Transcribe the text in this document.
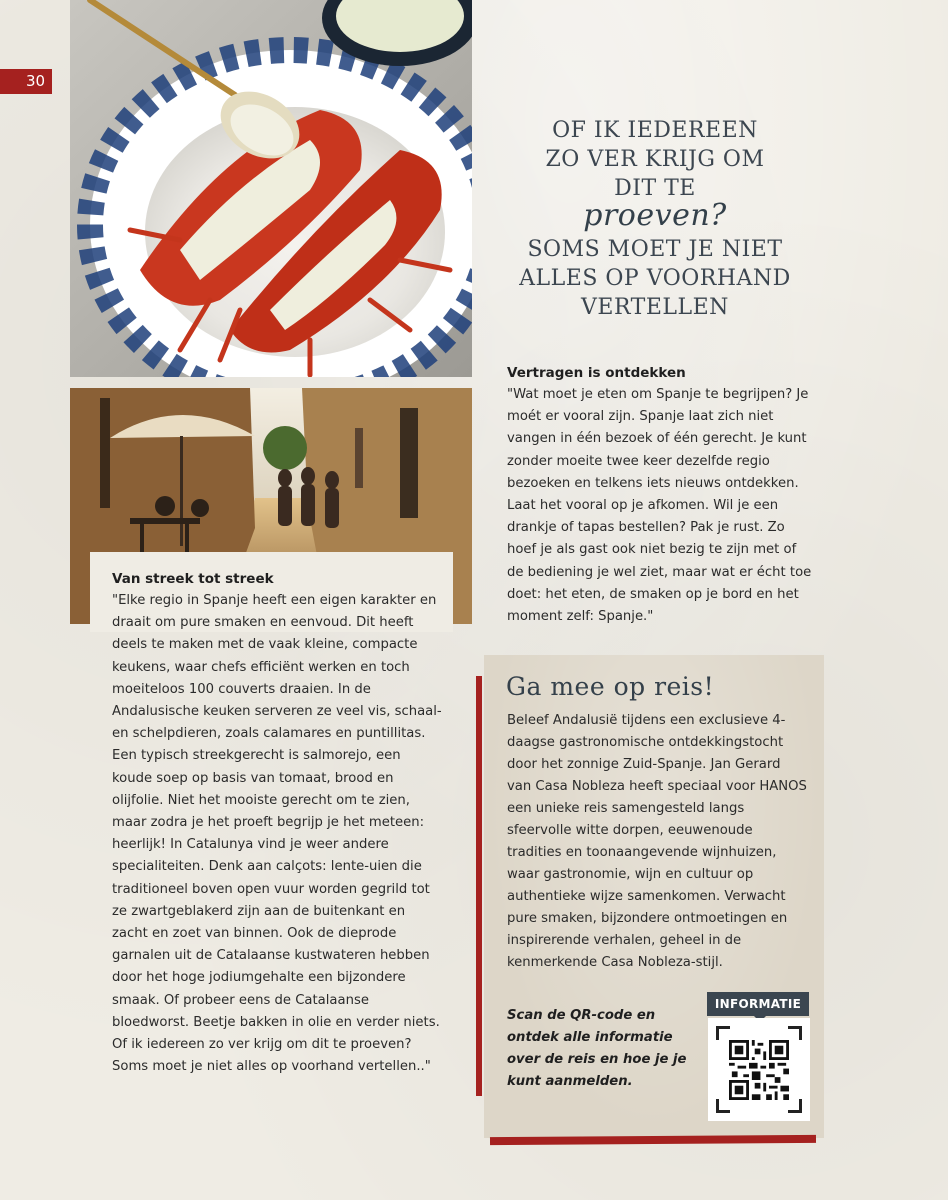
30
OF IK IEDEREEN
ZO VER KRIJG OM
DIT TE
proeven?
SOMS MOET JE NIET
ALLES OP VOORHAND
VERTELLEN
Vertragen is ontdekken

"Wat moet je eten om Spanje te begrijpen? Je moét er vooral zijn. Spanje laat zich niet vangen in één bezoek of één gerecht. Je kunt zonder moeite twee keer dezelfde regio bezoeken en telkens iets nieuws ontdekken. Laat het vooral op je afkomen. Wil je een drankje of tapas bestellen? Pak je rust. Zo hoef je als gast ook niet bezig te zijn met of de bediening je wel ziet, maar wat er écht toe doet: het eten, de smaken op je bord en het moment zelf: Spanje."

Van streek tot streek

"Elke regio in Spanje heeft een eigen karakter en draait om pure smaken en eenvoud. Dit heeft deels te maken met de vaak kleine, compacte keukens, waar chefs efficiënt werken en toch moeiteloos 100 couverts draaien. In de Andalusische keuken serveren ze veel vis, schaal- en schelpdieren, zoals calamares en puntillitas. Een typisch streekgerecht is salmorejo, een koude soep op basis van tomaat, brood en olijfolie. Niet het mooiste gerecht om te zien, maar zodra je het proeft begrijp je het meteen: heerlijk! In Catalunya vind je weer andere specialiteiten. Denk aan calçots: lente-uien die traditioneel boven open vuur worden gegrild tot ze zwartgeblakerd zijn aan de buitenkant en zacht en zoet van binnen. Ook de dieprode garnalen uit de Catalaanse kustwateren hebben door het hoge jodiumgehalte een bijzondere smaak. Of probeer eens de Catalaanse bloedworst. Beetje bakken in olie en verder niets. Of ik iedereen zo ver krijg om dit te proeven? Soms moet je niet alles op voorhand vertellen.."

Ga mee op reis!

Beleef Andalusië tijdens een exclusieve 4-daagse gastronomische ontdekkingstocht door het zonnige Zuid-Spanje. Jan Gerard van Casa Nobleza heeft speciaal voor HANOS een unieke reis samengesteld langs sfeervolle witte dorpen, eeuwenoude tradities en toonaangevende wijnhuizen, waar gastronomie, wijn en cultuur op authentieke wijze samenkomen. Verwacht pure smaken, bijzondere ontmoetingen en inspirerende verhalen, geheel in de kenmerkende Casa Nobleza-stijl.

Scan de QR-code en ontdek alle informatie over de reis en hoe je je kunt aanmelden.
INFORMATIE
